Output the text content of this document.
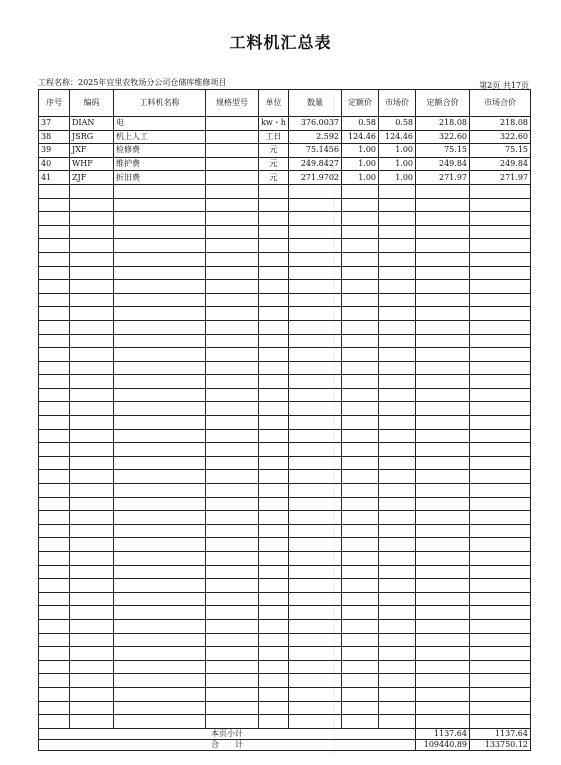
工料机汇总表
工程名称：2025年宜里农牧场分公司仓储库维修项目	第2页 共17页
序号	编码	工料机名称	规格型号	单位	数量	定额价	市场价	定额合价	市场合价
37	DIAN	电		kw・h	376.0037	0.58	0.58	218.08	218.08
38	JSRG	机上人工		工日	2.592	124.46	124.46	322.60	322.60
39	JXF	检修费		元	75.1456	1.00	1.00	75.15	75.15
40	WHF	维护费		元	249.8427	1.00	1.00	249.84	249.84
41	ZJF	折旧费		元	271.9702	1.00	1.00	271.97	271.97

本页小计								1137.64	1137.64
合　　计								109440.89	133750.12
